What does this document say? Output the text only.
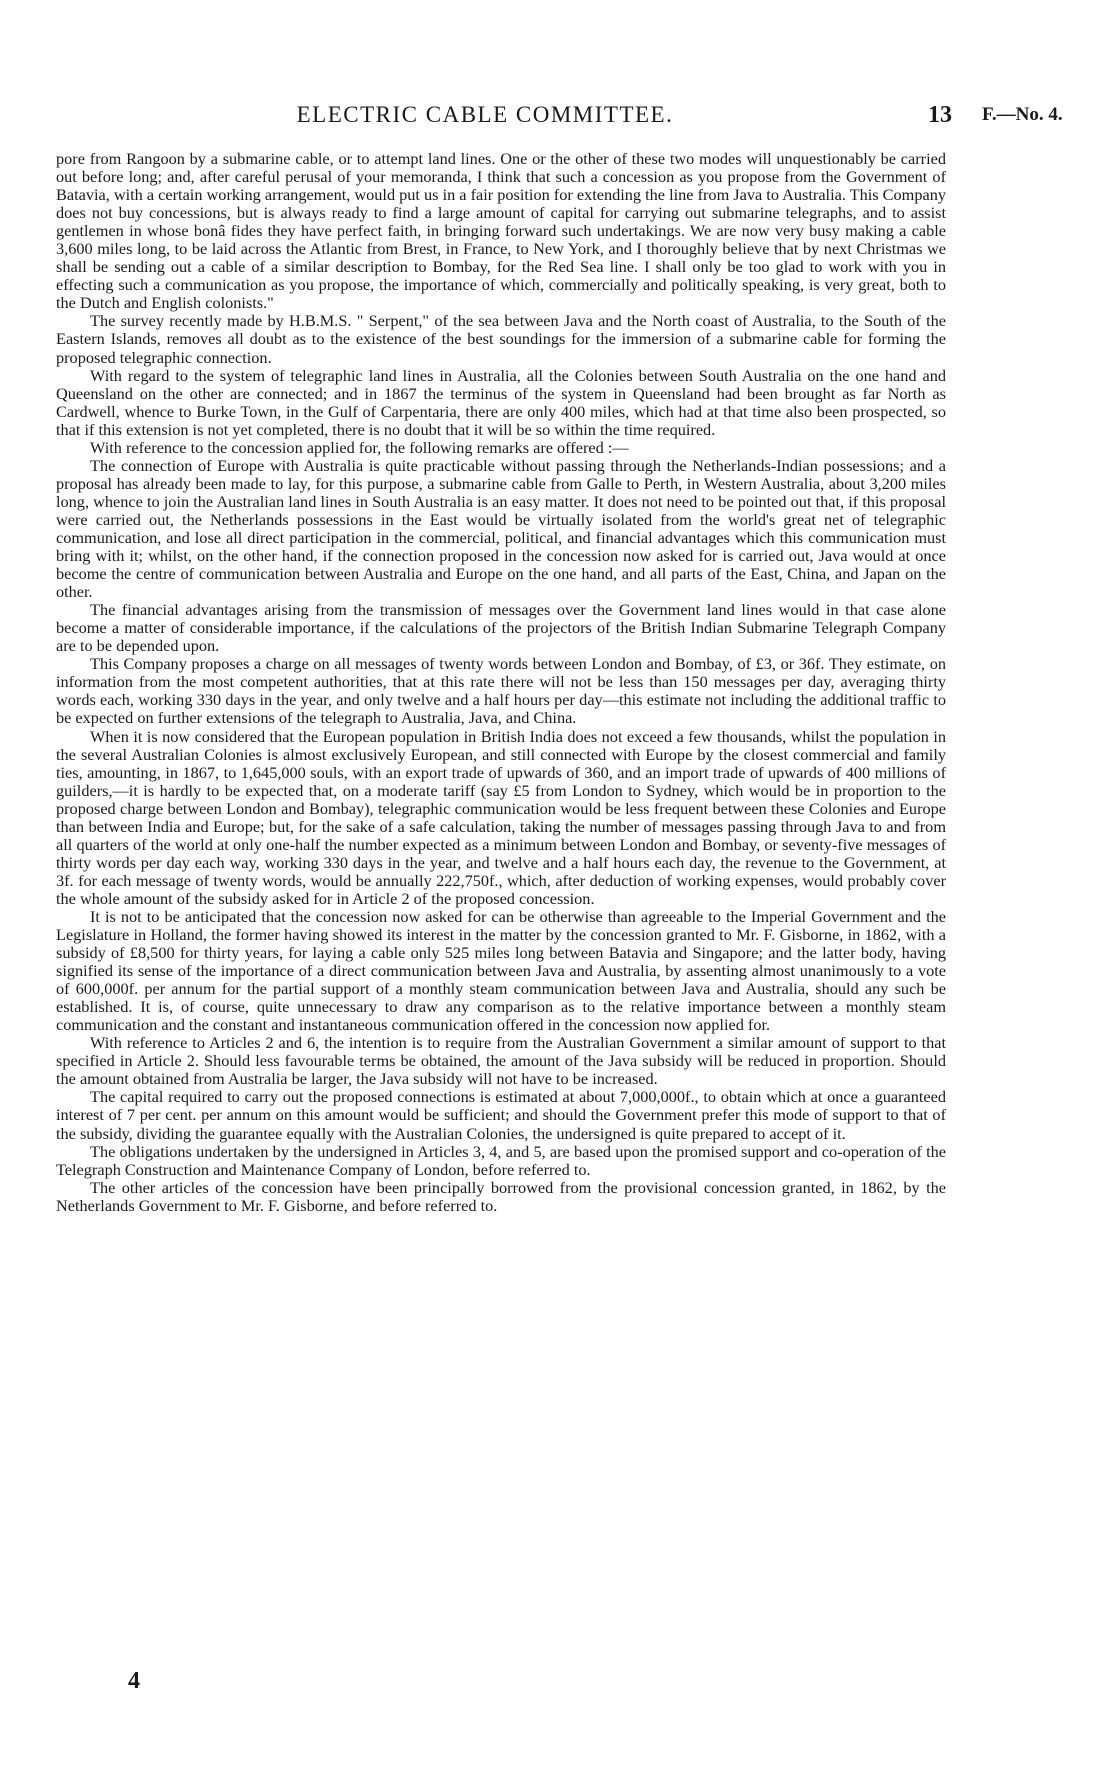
ELECTRIC CABLE COMMITTEE.	13 F.—No. 4.

pore from Rangoon by a submarine cable, or to attempt land lines. One or the other of these two modes will unquestionably be carried out before long; and, after careful perusal of your memoranda, I think that such a concession as you propose from the Government of Batavia, with a certain working arrangement, would put us in a fair position for extending the line from Java to Australia. This Company does not buy concessions, but is always ready to find a large amount of capital for carrying out submarine telegraphs, and to assist gentlemen in whose bonâ fides they have perfect faith, in bringing forward such undertakings. We are now very busy making a cable 3,600 miles long, to be laid across the Atlantic from Brest, in France, to New York, and I thoroughly believe that by next Christmas we shall be sending out a cable of a similar description to Bombay, for the Red Sea line. I shall only be too glad to work with you in effecting such a communication as you propose, the importance of which, commercially and politically speaking, is very great, both to the Dutch and English colonists."

The survey recently made by H.B.M.S. " Serpent," of the sea between Java and the North coast of Australia, to the South of the Eastern Islands, removes all doubt as to the existence of the best soundings for the immersion of a submarine cable for forming the proposed telegraphic connection.

With regard to the system of telegraphic land lines in Australia, all the Colonies between South Australia on the one hand and Queensland on the other are connected; and in 1867 the terminus of the system in Queensland had been brought as far North as Cardwell, whence to Burke Town, in the Gulf of Carpentaria, there are only 400 miles, which had at that time also been prospected, so that if this extension is not yet completed, there is no doubt that it will be so within the time required.

With reference to the concession applied for, the following remarks are offered :—

The connection of Europe with Australia is quite practicable without passing through the Netherlands-Indian possessions; and a proposal has already been made to lay, for this purpose, a submarine cable from Galle to Perth, in Western Australia, about 3,200 miles long, whence to join the Australian land lines in South Australia is an easy matter. It does not need to be pointed out that, if this proposal were carried out, the Netherlands possessions in the East would be virtually isolated from the world's great net of telegraphic communication, and lose all direct participation in the commercial, political, and financial advantages which this communication must bring with it; whilst, on the other hand, if the connection proposed in the concession now asked for is carried out, Java would at once become the centre of communication between Australia and Europe on the one hand, and all parts of the East, China, and Japan on the other.

The financial advantages arising from the transmission of messages over the Government land lines would in that case alone become a matter of considerable importance, if the calculations of the projectors of the British Indian Submarine Telegraph Company are to be depended upon.

This Company proposes a charge on all messages of twenty words between London and Bombay, of £3, or 36f. They estimate, on information from the most competent authorities, that at this rate there will not be less than 150 messages per day, averaging thirty words each, working 330 days in the year, and only twelve and a half hours per day—this estimate not including the additional traffic to be expected on further extensions of the telegraph to Australia, Java, and China.

When it is now considered that the European population in British India does not exceed a few thousands, whilst the population in the several Australian Colonies is almost exclusively European, and still connected with Europe by the closest commercial and family ties, amounting, in 1867, to 1,645,000 souls, with an export trade of upwards of 360, and an import trade of upwards of 400 millions of guilders,—it is hardly to be expected that, on a moderate tariff (say £5 from London to Sydney, which would be in proportion to the proposed charge between London and Bombay), telegraphic communication would be less frequent between these Colonies and Europe than between India and Europe; but, for the sake of a safe calculation, taking the number of messages passing through Java to and from all quarters of the world at only one-half the number expected as a minimum between London and Bombay, or seventy-five messages of thirty words per day each way, working 330 days in the year, and twelve and a half hours each day, the revenue to the Government, at 3f. for each message of twenty words, would be annually 222,750f., which, after deduction of working expenses, would probably cover the whole amount of the subsidy asked for in Article 2 of the proposed concession.

It is not to be anticipated that the concession now asked for can be otherwise than agreeable to the Imperial Government and the Legislature in Holland, the former having showed its interest in the matter by the concession granted to Mr. F. Gisborne, in 1862, with a subsidy of £8,500 for thirty years, for laying a cable only 525 miles long between Batavia and Singapore; and the latter body, having signified its sense of the importance of a direct communication between Java and Australia, by assenting almost unanimously to a vote of 600,000f. per annum for the partial support of a monthly steam communication between Java and Australia, should any such be established. It is, of course, quite unnecessary to draw any comparison as to the relative importance between a monthly steam communication and the constant and instantaneous communication offered in the concession now applied for.

With reference to Articles 2 and 6, the intention is to require from the Australian Government a similar amount of support to that specified in Article 2. Should less favourable terms be obtained, the amount of the Java subsidy will be reduced in proportion. Should the amount obtained from Australia be larger, the Java subsidy will not have to be increased.

The capital required to carry out the proposed connections is estimated at about 7,000,000f., to obtain which at once a guaranteed interest of 7 per cent. per annum on this amount would be sufficient; and should the Government prefer this mode of support to that of the subsidy, dividing the guarantee equally with the Australian Colonies, the undersigned is quite prepared to accept of it.

The obligations undertaken by the undersigned in Articles 3, 4, and 5, are based upon the promised support and co-operation of the Telegraph Construction and Maintenance Company of London, before referred to.

The other articles of the concession have been principally borrowed from the provisional concession granted, in 1862, by the Netherlands Government to Mr. F. Gisborne, and before referred to.

4
